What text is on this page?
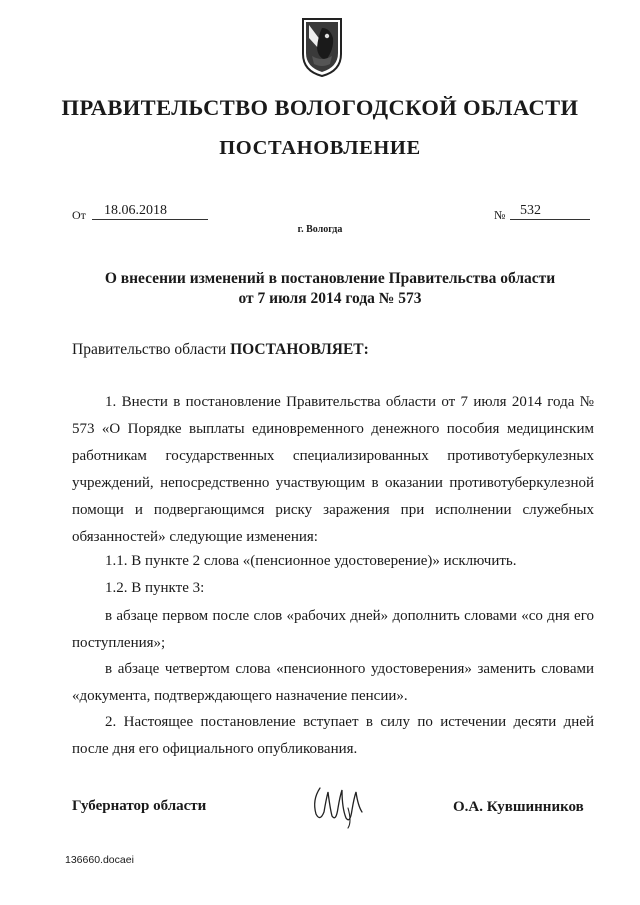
ПРАВИТЕЛЬСТВО ВОЛОГОДСКОЙ ОБЛАСТИ
ПОСТАНОВЛЕНИЕ
От 18.06.2018	№ 532
г. Вологда
О внесении изменений в постановление Правительства области
от 7 июля 2014 года № 573
Правительство области ПОСТАНОВЛЯЕТ:
1. Внести в постановление Правительства области от 7 июля 2014 года № 573 «О Порядке выплаты единовременного денежного пособия медицинским работникам государственных специализированных противотуберкулезных учреждений, непосредственно участвующим в оказании противотуберкулезной помощи и подвергающимся риску заражения при исполнении служебных обязанностей» следующие изменения:
1.1. В пункте 2 слова «(пенсионное удостоверение)» исключить.
1.2. В пункте 3:
в абзаце первом после слов «рабочих дней» дополнить словами «со дня его поступления»;
в абзаце четвертом слова «пенсионного удостоверения» заменить словами «документа, подтверждающего назначение пенсии».
2. Настоящее постановление вступает в силу по истечении десяти дней после дня его официального опубликования.
Губернатор области	О.А. Кувшинников
136660.docaei
